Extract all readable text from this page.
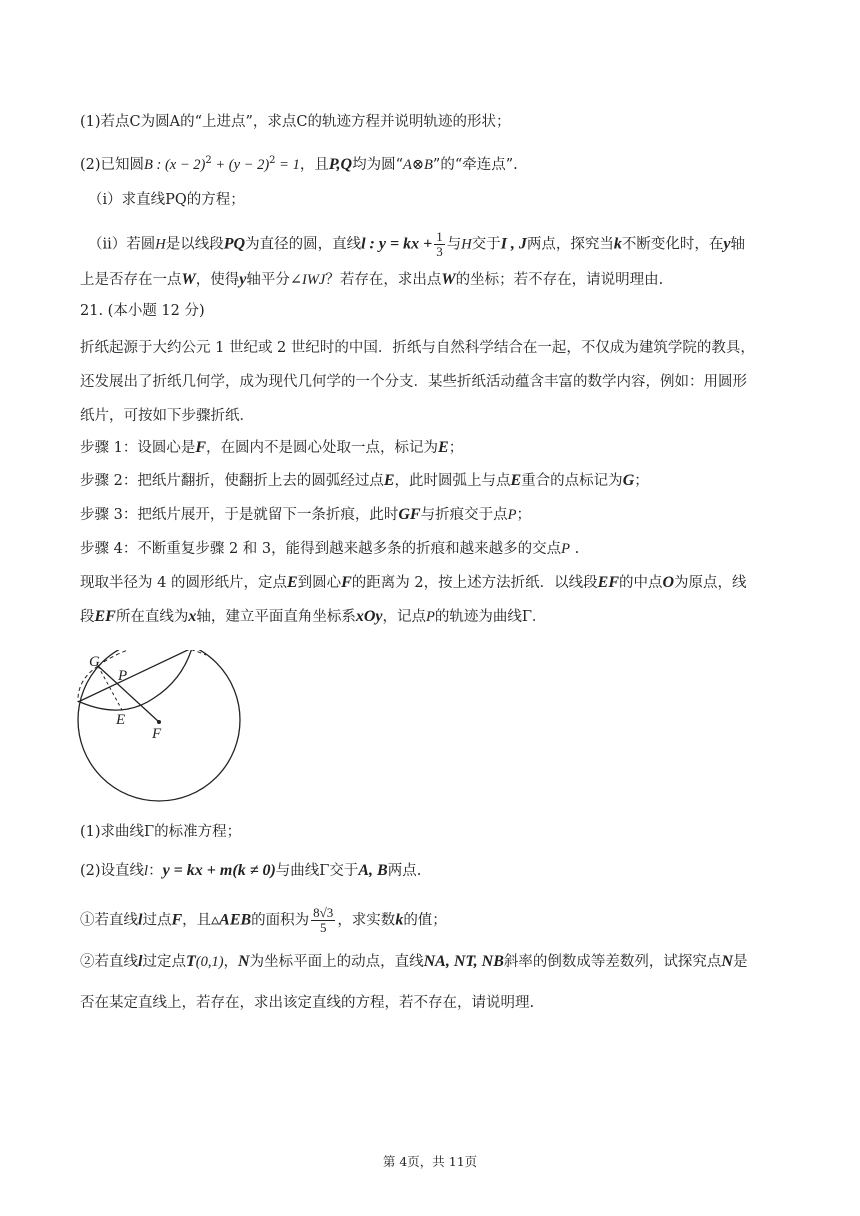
(1)若点C为圆A的“上进点”，求点C的轨迹方程并说明轨迹的形状；
(2)已知圆B : $(x - 2)^2 + (y - 2)^2 = 1$，且P,Q均为圆“A⊗B”的“牵连点”.
（i）求直线PQ的方程；
（ii）若圆H是以线段PQ为直径的圆，直线l : y = kx + $\frac{1}{3}$ 与H交于I , J两点，探究当k不断变化时，在y轴
上是否存在一点W，使得y轴平分∠IWJ？若存在，求出点W的坐标；若不存在，请说明理由.
21. (本小题 12 分)
折纸起源于大约公元 1 世纪或 2 世纪时的中国．折纸与自然科学结合在一起，不仅成为建筑学院的教具，
还发展出了折纸几何学，成为现代几何学的一个分支．某些折纸活动蕴含丰富的数学内容，例如：用圆形
纸片，可按如下步骤折纸．
步骤 1：设圆心是F，在圆内不是圆心处取一点，标记为E；
步骤 2：把纸片翻折，使翻折上去的圆弧经过点E，此时圆弧上与点E重合的点标记为G；
步骤 3：把纸片展开，于是就留下一条折痕，此时GF与折痕交于点P；
步骤 4：不断重复步骤 2 和 3，能得到越来越多条的折痕和越来越多的交点P .
现取半径为 4 的圆形纸片，定点E到圆心F的距离为 2，按上述方法折纸．以线段EF的中点O为原点，线
段EF所在直线为x轴，建立平面直角坐标系xOy，记点P的轨迹为曲线Γ．
G
P
E
F
(1)求曲线Γ的标准方程；
(2)设直线l：y = kx + m(k ≠ 0)与曲线Γ交于A, B两点.
①若直线l过点F，且▵AEB的面积为 $\frac{8√3}{5}$ ，求实数k的值；
②若直线l过定点T(0,1)，N为坐标平面上的动点，直线NA, NT, NB斜率的倒数成等差数列，试探究点N是
否在某定直线上，若存在，求出该定直线的方程，若不存在，请说明理.
第 4页，共 11页
